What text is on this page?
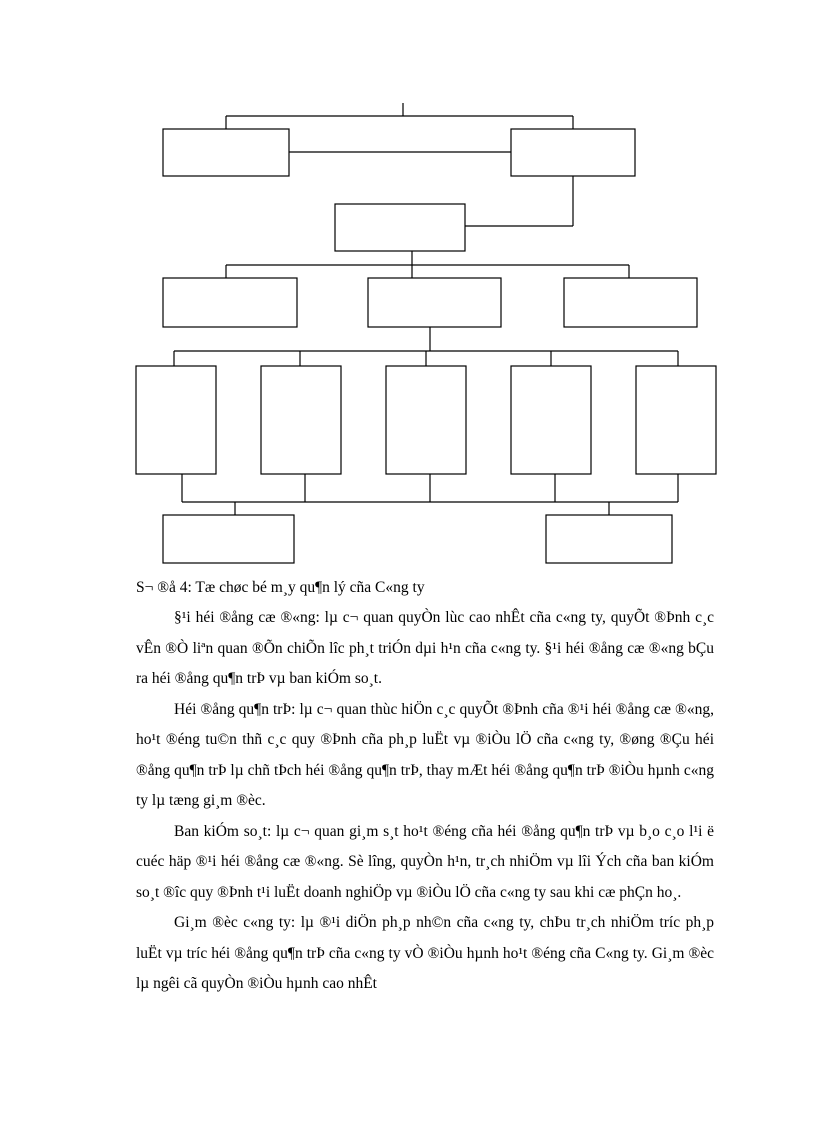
S¬ ®å 4: Tæ chøc bé m¸y qu¶n lý cña C«ng ty

§¹i héi ®ång cæ ®«ng: lµ c¬ quan quyÒn lùc cao nhÊt cña c«ng ty, quyÕt ®Þnh c¸c vÊn ®Ò liªn quan ®Õn chiÕn lîc ph¸t triÓn dµi h¹n cña c«ng ty. §¹i héi ®ång cæ ®«ng bÇu ra héi ®ång qu¶n trÞ vµ ban kiÓm so¸t.

Héi ®ång qu¶n trÞ: lµ c¬ quan thùc hiÖn c¸c quyÕt ®Þnh cña ®¹i héi ®ång cæ ®«ng, ho¹t ®éng tu©n thñ c¸c quy ®Þnh cña ph¸p luËt vµ ®iÒu lÖ cña c«ng ty, ®øng ®Çu héi ®ång qu¶n trÞ lµ chñ tÞch héi ®ång qu¶n trÞ, thay mÆt héi ®ång qu¶n trÞ ®iÒu hµnh c«ng ty lµ tæng gi¸m ®èc.

Ban kiÓm so¸t: lµ c¬ quan gi¸m s¸t ho¹t ®éng cña héi ®ång qu¶n trÞ vµ b¸o c¸o l¹i ë cuéc häp ®¹i héi ®ång cæ ®«ng. Sè lîng, quyÒn h¹n, tr¸ch nhiÖm vµ lîi Ých cña ban kiÓm so¸t ®îc quy ®Þnh t¹i luËt doanh nghiÖp vµ ®iÒu lÖ cña c«ng ty sau khi cæ phÇn ho¸.

Gi¸m ®èc c«ng ty: lµ ®¹i diÖn ph¸p nh©n cña c«ng ty, chÞu tr¸ch nhiÖm tríc ph¸p luËt vµ tríc héi ®ång qu¶n trÞ cña c«ng ty vÒ ®iÒu hµnh ho¹t ®éng cña C«ng ty. Gi¸m ®èc lµ ngêi cã quyÒn ®iÒu hµnh cao nhÊt
